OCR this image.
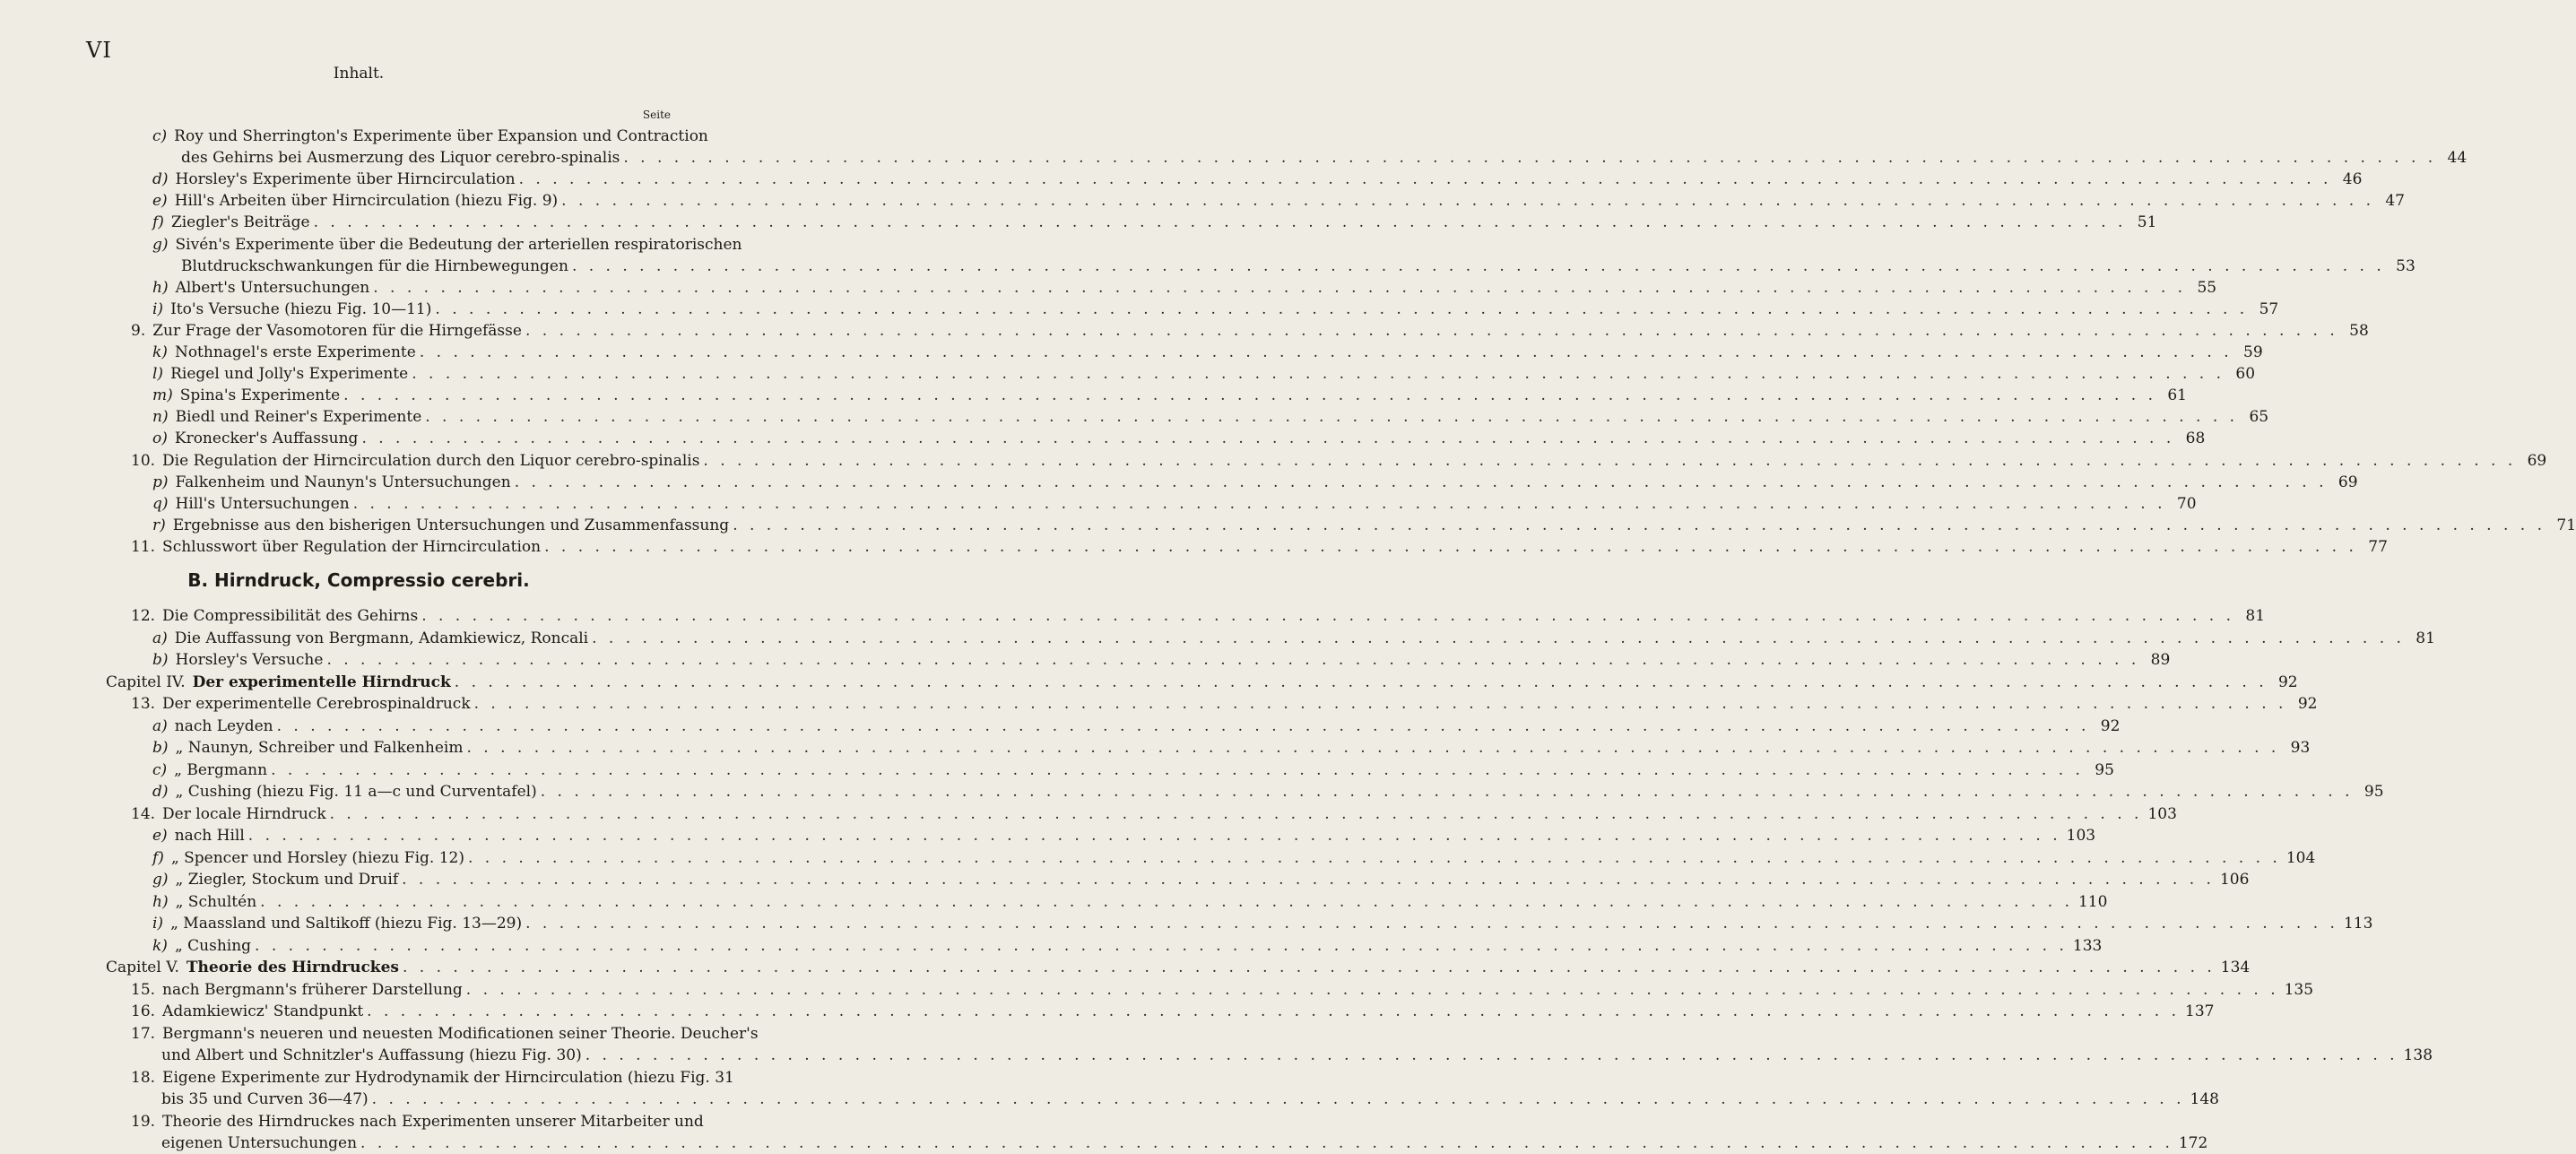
VI
Inhalt.
Seite
B. Hirndruck, Compressio cerebri.
c) Roy und Sherrington's Experimente über Expansion und Contraction
des Gehirns bei Ausmerzung des Liquor cerebro-spinalis . . .	44
d) Horsley's Experimente über Hirncirculation . . .	46
e) Hill's Arbeiten über Hirncirculation (hiezu Fig. 9) . . .	47
f) Ziegler's Beiträge . . .	51
g) Sivén's Experimente über die Bedeutung der arteriellen respiratorischen
Blutdruckschwankungen für die Hirnbewegungen . . .	53
h) Albert's Untersuchungen . . .	55
i) Ito's Versuche (hiezu Fig. 10—11) . . .	57
9. Zur Frage der Vasomotoren für die Hirngefässe . . .	58
k) Nothnagel's erste Experimente . . .	59
l) Riegel und Jolly's Experimente . . .	60
m) Spina's Experimente . . .	61
n) Biedl und Reiner's Experimente . . .	65
o) Kronecker's Auffassung . . .	68
10. Die Regulation der Hirncirculation durch den Liquor cerebro-spinalis . . .	69
p) Falkenheim und Naunyn's Untersuchungen . . .	69
q) Hill's Untersuchungen . . .	70
r) Ergebnisse aus den bisherigen Untersuchungen und Zusammenfassung . . .	71
11. Schlusswort über Regulation der Hirncirculation . . .	77
12. Die Compressibilität des Gehirns . . .	81
a) Die Auffassung von Bergmann, Adamkiewicz, Roncali . . .	81
b) Horsley's Versuche . . .	89
Capitel IV. Der experimentelle Hirndruck . . .	92
13. Der experimentelle Cerebrospinaldruck . . .	92
a) nach Leyden . . .	92
b) „ Naunyn, Schreiber und Falkenheim . . .	93
c) „ Bergmann . . .	95
d) „ Cushing (hiezu Fig. 11 a—c und Curventafel) . . .	95
14. Der locale Hirndruck . . .	103
e) nach Hill . . .	103
f) „ Spencer und Horsley (hiezu Fig. 12) . . .	104
g) „ Ziegler, Stockum und Druif . . .	106
h) „ Schultén . . .	110
i) „ Maassland und Saltikoff (hiezu Fig. 13—29) . . .	113
k) „ Cushing . . .	133
Capitel V. Theorie des Hirndruckes . . .	134
15. nach Bergmann's früherer Darstellung . . .	135
16. Adamkiewicz' Standpunkt . . .	137
17. Bergmann's neueren und neuesten Modificationen seiner Theorie. Deucher's
und Albert und Schnitzler's Auffassung (hiezu Fig. 30) . . .	138
18. Eigene Experimente zur Hydrodynamik der Hirncirculation (hiezu Fig. 31
bis 35 und Curven 36—47) . . .	148
19. Theorie des Hirndruckes nach Experimenten unserer Mitarbeiter und
eigenen Untersuchungen . . .	172
